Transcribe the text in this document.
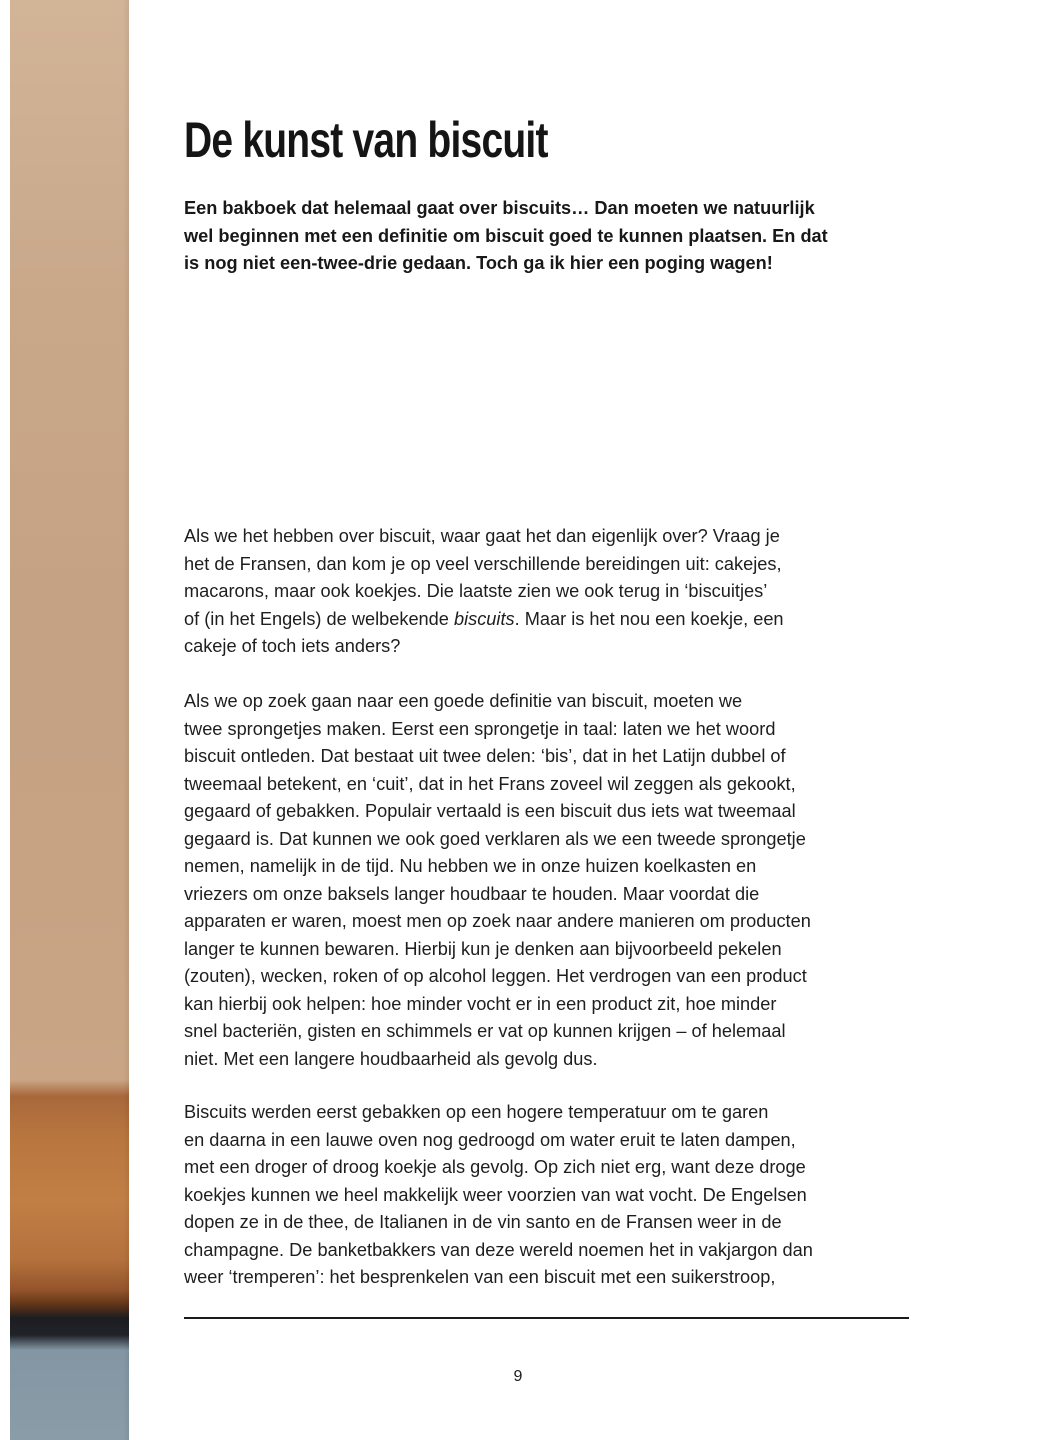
De kunst van biscuit
Een bakboek dat helemaal gaat over biscuits… Dan moeten we natuurlijk
wel beginnen met een definitie om biscuit goed te kunnen plaatsen. En dat
is nog niet een-twee-drie gedaan. Toch ga ik hier een poging wagen!
Als we het hebben over biscuit, waar gaat het dan eigenlijk over? Vraag je
het de Fransen, dan kom je op veel verschillende bereidingen uit: cakejes,
macarons, maar ook koekjes. Die laatste zien we ook terug in ‘biscuitjes’
of (in het Engels) de welbekende biscuits. Maar is het nou een koekje, een
cakeje of toch iets anders?
Als we op zoek gaan naar een goede definitie van biscuit, moeten we
twee sprongetjes maken. Eerst een sprongetje in taal: laten we het woord
biscuit ontleden. Dat bestaat uit twee delen: ‘bis’, dat in het Latijn dubbel of
tweemaal betekent, en ‘cuit’, dat in het Frans zoveel wil zeggen als gekookt,
gegaard of gebakken. Populair vertaald is een biscuit dus iets wat tweemaal
gegaard is. Dat kunnen we ook goed verklaren als we een tweede sprongetje
nemen, namelijk in de tijd. Nu hebben we in onze huizen koelkasten en
vriezers om onze baksels langer houdbaar te houden. Maar voordat die
apparaten er waren, moest men op zoek naar andere manieren om producten
langer te kunnen bewaren. Hierbij kun je denken aan bijvoorbeeld pekelen
(zouten), wecken, roken of op alcohol leggen. Het verdrogen van een product
kan hierbij ook helpen: hoe minder vocht er in een product zit, hoe minder
snel bacteriën, gisten en schimmels er vat op kunnen krijgen – of helemaal
niet. Met een langere houdbaarheid als gevolg dus.
Biscuits werden eerst gebakken op een hogere temperatuur om te garen
en daarna in een lauwe oven nog gedroogd om water eruit te laten dampen,
met een droger of droog koekje als gevolg. Op zich niet erg, want deze droge
koekjes kunnen we heel makkelijk weer voorzien van wat vocht. De Engelsen
dopen ze in de thee, de Italianen in de vin santo en de Fransen weer in de
champagne. De banketbakkers van deze wereld noemen het in vakjargon dan
weer ‘tremperen’: het besprenkelen van een biscuit met een suikerstroop,
9
